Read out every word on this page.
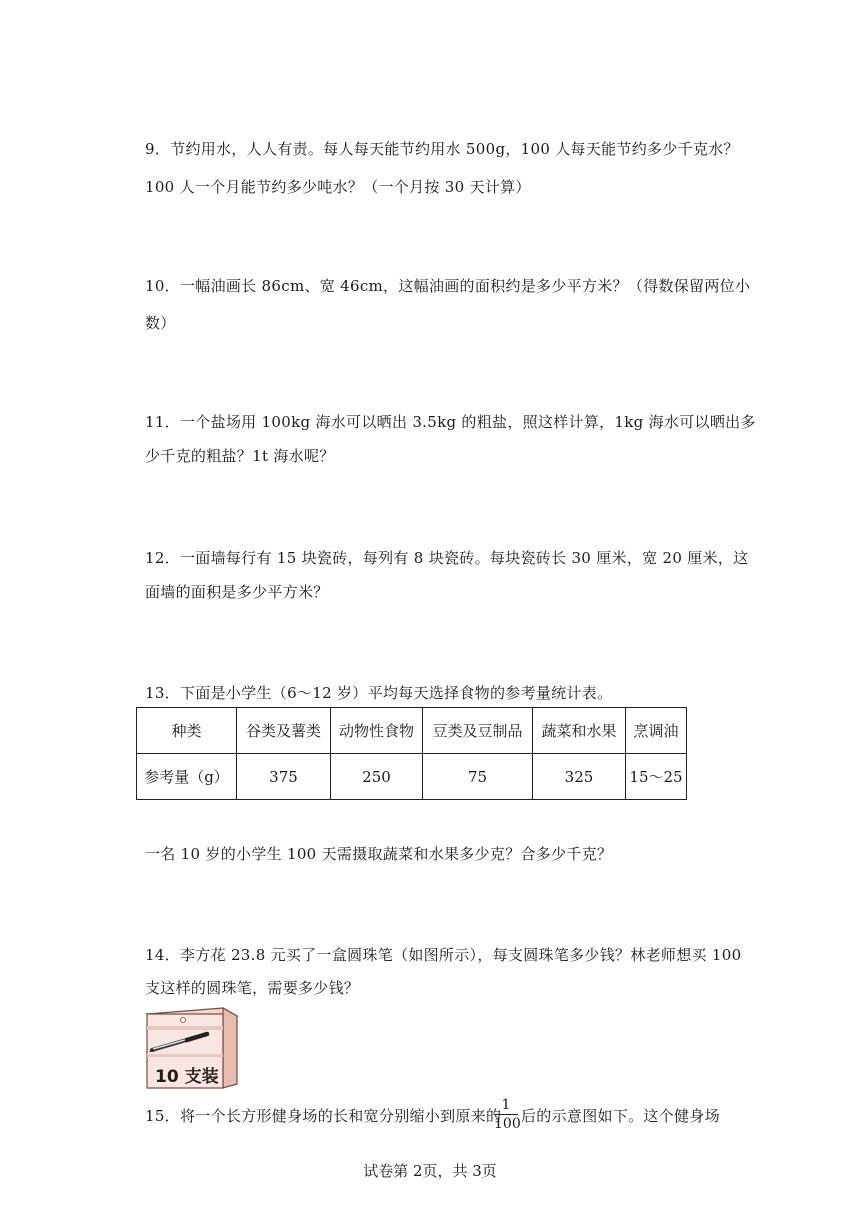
9．节约用水，人人有责。每人每天能节约用水 500g，100 人每天能节约多少千克水？
100 人一个月能节约多少吨水？（一个月按 30 天计算）
10．一幅油画长 86cm、宽 46cm，这幅油画的面积约是多少平方米？（得数保留两位小
数）
11．一个盐场用 100kg 海水可以晒出 3.5kg 的粗盐，照这样计算，1kg 海水可以晒出多
少千克的粗盐？1t 海水呢？
12．一面墙每行有 15 块瓷砖，每列有 8 块瓷砖。每块瓷砖长 30 厘米，宽 20 厘米，这
面墙的面积是多少平方米？
13．下面是小学生（6～12 岁）平均每天选择食物的参考量统计表。
种类	谷类及薯类	动物性食物	豆类及豆制品	蔬菜和水果	烹调油
参考量（g）	375	250	75	325	15～25
一名 10 岁的小学生 100 天需摄取蔬菜和水果多少克？合多少千克？
14．李方花 23.8 元买了一盒圆珠笔（如图所示），每支圆珠笔多少钱？林老师想买 100
支这样的圆珠笔，需要多少钱？
10 支装
15．将一个长方形健身场的长和宽分别缩小到原来的
1
100 后的示意图如下。这个健身场
试卷第 2页，共 3页
